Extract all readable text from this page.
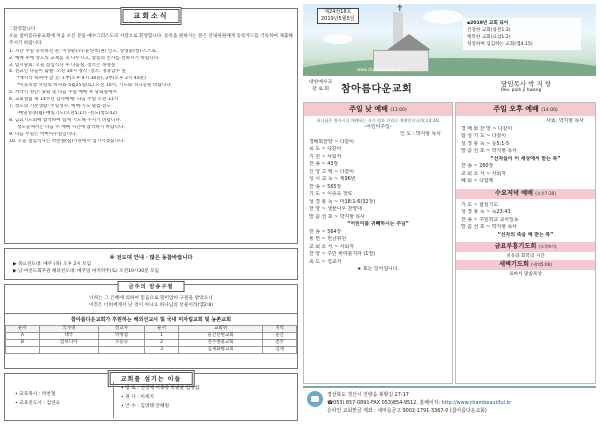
교회소식
♡환영합니다
오늘 참아름다운교회에 처음 오신 분을 예수그리스도의 사랑으로 환영합니다. 등록을 원하시는 분은 안내위원에게 등록카드를 기록하여 제출해 주시기 바랍니다.
1. 지난 주일 등록하신 분: 이성순(모)-윤연옥(권) 인도, 장영환(청)-스스로
2. 예배 후에 성도의 교제를 꼭 나누시고, 살롬의 인사를 전하시기 바랍니다.
3. 임시당회: 오늘 점심식사 후 나눔실, 장소는 목양실
4. 전교인 나들이 출발: 오전 10시 정각 -장소: 경북합수 앞
*재시작 하셔야 할 곳: 1부(오후 4시 30분), 2부(오후 2시 45분)
*이웃초청 사랑의 바자회-5월25일(토) 오전 10시, 기도와 적극동원 바랍니다.
5. 서약식 명단: 당회 및 다음 주일 예배 후 당회실에서
6. 교회설립 제 14주년 감사예배: 다음 주일 오전 11시
7. 성도의 기본생활: 주일성수, 예배·기도·말씀·전도
-매일성경(월)-매일기도(오전5:17) -전도(청5:42)
8. 금요기도회에 참석하여 함께 기도해 주시기 바랍니다.
성도들께서는 다음 주 예배 시간에 참석하기 바랍니다.
9. 다음 주일은 어버이주일입니다.
10. 오늘 점심식사는 박찬철(집)가정에서 섬기시겠습니다.
※ 전도대 안내 · 많은 동참바랍니다
▶ 목요전도대: 매주 (목) 오후 2시 모임
▶ 남·여전도회주관 해피전도대: 매주일 마지막주(토) 오전10시30분 모임
금주의 암송구절
너희는 그 은혜에 의하여 믿음으로 말미암아 구원을 받았으니
이것은 너희에게서 난 것이 아니요 하나님의 선물이라(엡2:8)
참아름다운교회가 후원하는 해외선교사 및 국내 미자립교회 및 농촌교회
순서	국가명	선교사	순서	교회명	지역
A	태국	박정섭	1	울산신현교회	울산
B	캄보디아	오승숙	2	전주쌍용교회	전주
			3	김제화평교회	김제
교회를 섬기는 이들
• 교육목사 : 박찬철
• 교육전도사 : 김연숙
• 장 로 : 신정제 이종욱 박광균 김정범
• 권 사 : 이세지
• 안 수 : 김영태 안혜원
✝
제24권18호
2019년5월5일
www.chambeautiful.kr
▪2019년 교회 표어
건강한 교회(살전1:3)
행복한 교회(요삼1:2)
성장하며 섬김하는 교회(엡4:15)
대한예수교
장 로 회	참아름다운교회	담임목사 박 지 항
Rev. park ji hwang
주일 낮 예배 (11:00)
하나님은 영이시니 예배하는 자가 영과 진리로 예배할지니라(요4:24)
-어린이주일-
인 도 : 박지항 목사
경배와찬양 ~ 다같이
묵 도 ~ 다같이
기 원 ~ 사회자
찬 송 ~ 43장
신 앙 고 백 ~ 다같이
성 시 교 독 ~ 제96번
찬 송 ~ 565장
기 도 ~ 이종욱 장로
성 경 봉 독 ~ 마18:1-6(32장)
찬 양 ~ 샘물나무 찬양대
말 씀 선 포 ~ 박지항 목사
“어린이를 귀빼하시는 주님”
찬 송 ~ 564장
봉 헌 ~ 헌금위원
교 회 소 식 ~ 사회자
찬 양 ~ 주만 바라볼지라 (1절)
축 도 ~ 설교자
★ 표는 일어섭니다.
주일 오후 예배 (14:00)
사회: 박지항 목사
경 배 와 찬 양 ~ 다같이
합 심 기 도 ~ 다같이
성 경 봉 독 ~ 룻5:1-5
말 씀 선 포 ~ 박지항 목사
“신자들이 이 세상에서 받는 복”
찬 송 ~ 260장
교 회 소 식 ~ 사회자
폐 회 ~ 다함께
수요저녁 예배 (오후7:30)
기 도 ~ 합심기도
성 경 봉 독 ~ 눅23:43
찬 송 ~ 주일학교 교사일동
말 씀 선 포 ~ 박지항 목사
“신자의 죽음 예 받는 복”
금요부흥기도회 (오후9시)
치유와 회복의 시간
새벽기도회 (새벽5:00)
로마서 말씀묵상
경상북도 경산시 진량읍 봉황길 27-17
☎053) 857-0891·FAX 053)854-9512, 홈페이지: http://www.chambeautiful.kr
온라인 교회헌금 계좌 : 새마을금고 9002-1791-3367-0 (참아름다운교회)
